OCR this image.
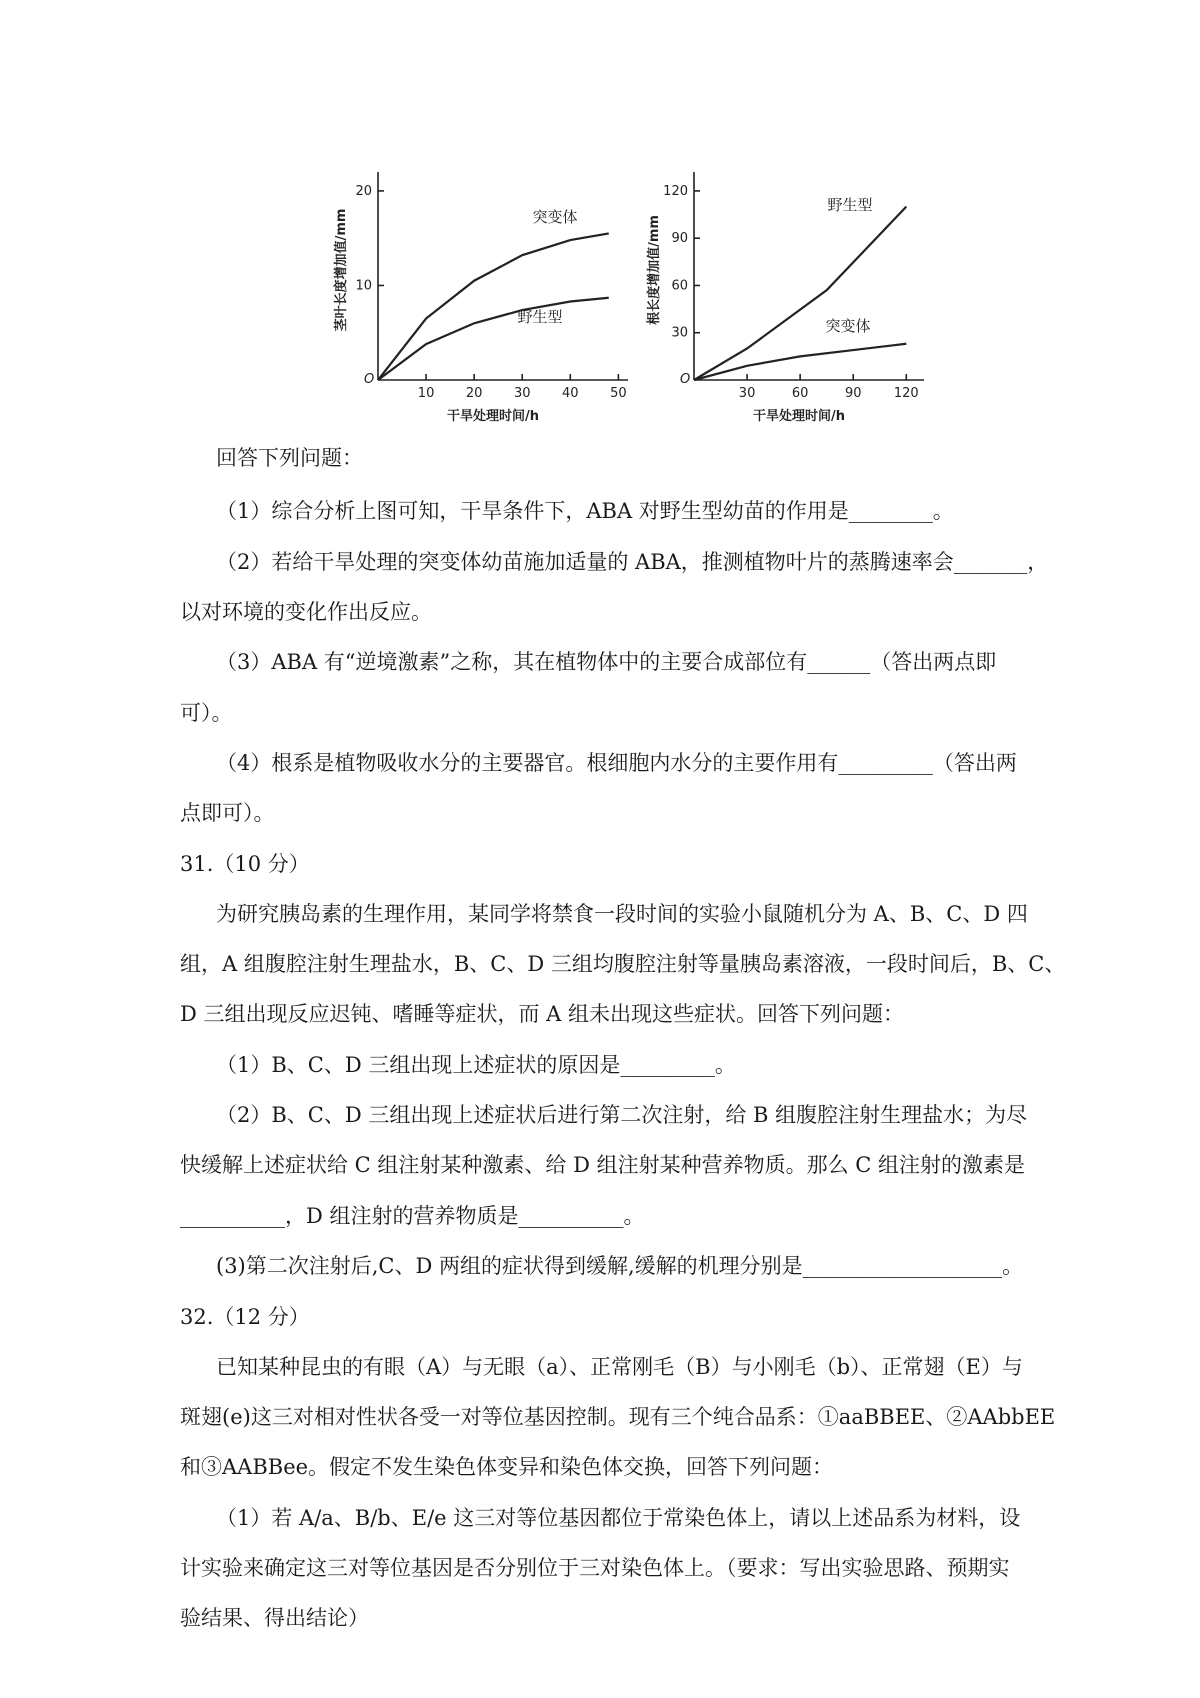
O
10 20 30 40 50
10
20
干旱处理时间/h
茎叶长度增加值/mm	突变体
野生型
O
30	60	90 120
30
60
90
120
干旱处理时间/h
根长度增加值/mm
野生型
突变体
回答下列问题：
（1）综合分析上图可知，干旱条件下，ABA 对野生型幼苗的作用是________。
（2）若给干旱处理的突变体幼苗施加适量的 ABA，推测植物叶片的蒸腾速率会_______，
以对环境的变化作出反应。
（3）ABA 有“逆境激素”之称，其在植物体中的主要合成部位有______（答出两点即
可）。
（4）根系是植物吸收水分的主要器官。根细胞内水分的主要作用有_________（答出两
点即可）。
31.（10 分）
为研究胰岛素的生理作用，某同学将禁食一段时间的实验小鼠随机分为 A、B、C、D 四
组，A 组腹腔注射生理盐水，B、C、D 三组均腹腔注射等量胰岛素溶液，一段时间后，B、C、
D 三组出现反应迟钝、嗜睡等症状，而 A 组未出现这些症状。回答下列问题：
（1）B、C、D 三组出现上述症状的原因是_________。
（2）B、C、D 三组出现上述症状后进行第二次注射，给 B 组腹腔注射生理盐水；为尽
快缓解上述症状给 C 组注射某种激素、给 D 组注射某种营养物质。那么 C 组注射的激素是
__________，D 组注射的营养物质是__________。
(3)第二次注射后,C、D 两组的症状得到缓解,缓解的机理分别是___________________。
32.（12 分）
已知某种昆虫的有眼（A）与无眼（a）、正常刚毛（B）与小刚毛（b）、正常翅（E）与
斑翅(e)这三对相对性状各受一对等位基因控制。现有三个纯合品系：①aaBBEE、②AAbbEE
和③AABBee。假定不发生染色体变异和染色体交换，回答下列问题：
（1）若 A/a、B/b、E/e 这三对等位基因都位于常染色体上，请以上述品系为材料，设
计实验来确定这三对等位基因是否分别位于三对染色体上。（要求：写出实验思路、预期实
验结果、得出结论）
